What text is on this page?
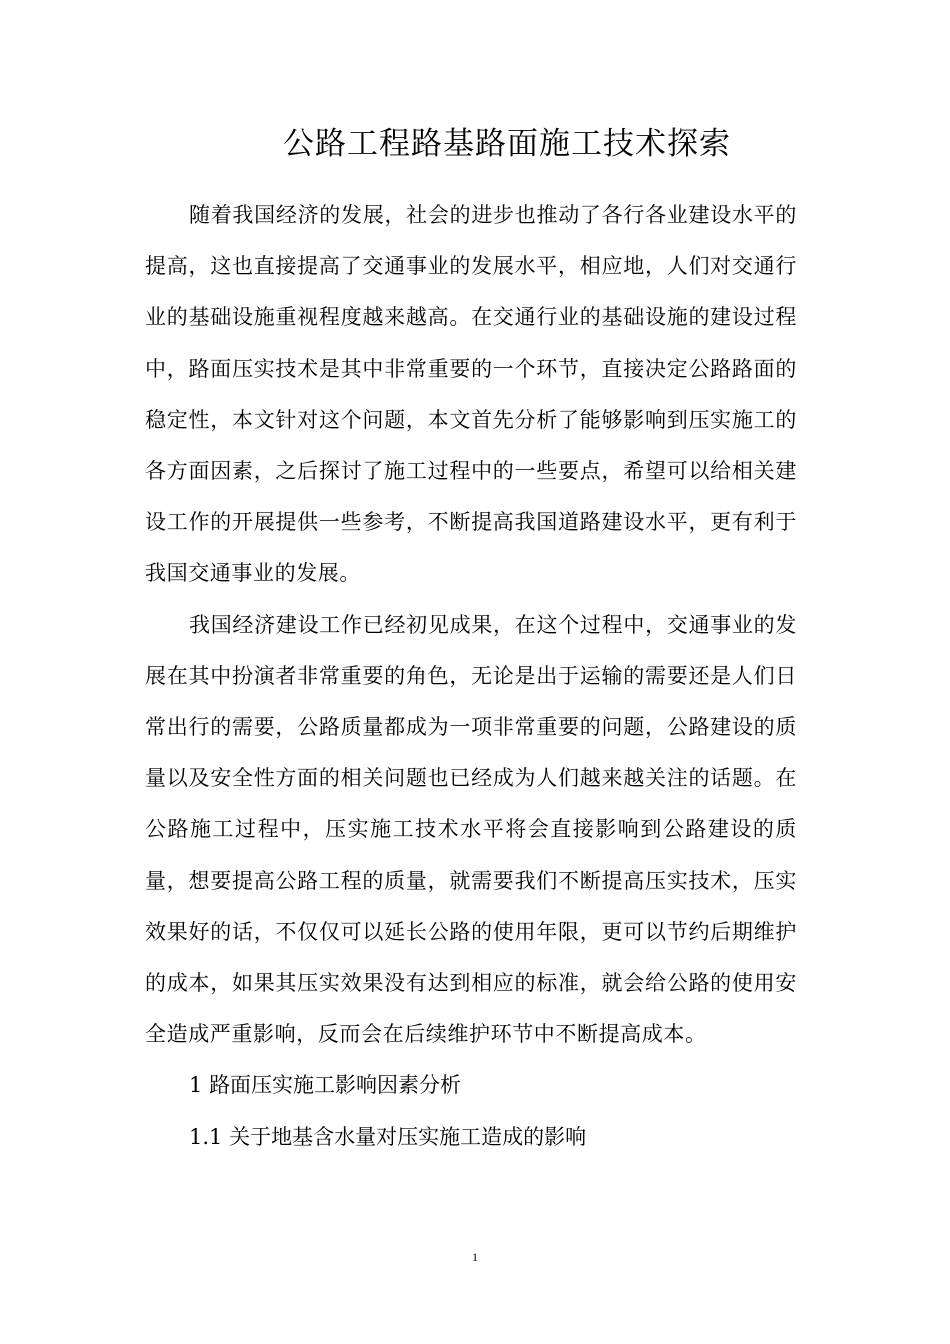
公路工程路基路面施工技术探索

随着我国经济的发展，社会的进步也推动了各行各业建设水平的提高，这也直接提高了交通事业的发展水平，相应地，人们对交通行业的基础设施重视程度越来越高。在交通行业的基础设施的建设过程中，路面压实技术是其中非常重要的一个环节，直接决定公路路面的稳定性，本文针对这个问题，本文首先分析了能够影响到压实施工的各方面因素，之后探讨了施工过程中的一些要点，希望可以给相关建设工作的开展提供一些参考，不断提高我国道路建设水平，更有利于我国交通事业的发展。

我国经济建设工作已经初见成果，在这个过程中，交通事业的发展在其中扮演者非常重要的角色，无论是出于运输的需要还是人们日常出行的需要，公路质量都成为一项非常重要的问题，公路建设的质量以及安全性方面的相关问题也已经成为人们越来越关注的话题。在公路施工过程中，压实施工技术水平将会直接影响到公路建设的质量，想要提高公路工程的质量，就需要我们不断提高压实技术，压实效果好的话，不仅仅可以延长公路的使用年限，更可以节约后期维护的成本，如果其压实效果没有达到相应的标准，就会给公路的使用安全造成严重影响，反而会在后续维护环节中不断提高成本。

1 路面压实施工影响因素分析

1.1 关于地基含水量对压实施工造成的影响

1
